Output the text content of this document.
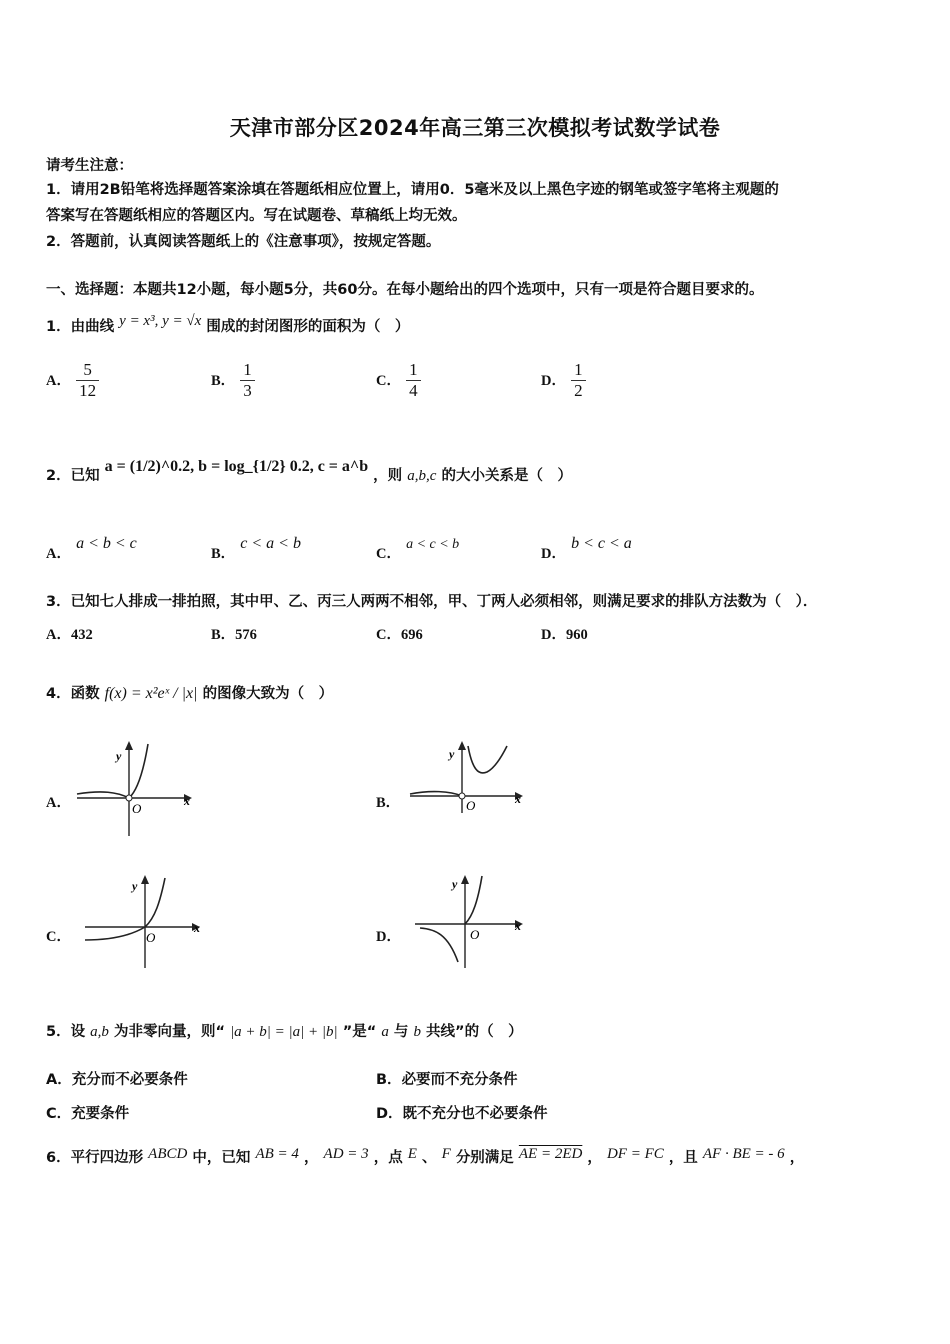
天津市部分区2024年高三第三次模拟考试数学试卷
请考生注意：
1．请用2B铅笔将选择题答案涂填在答题纸相应位置上，请用0．5毫米及以上黑色字迹的钢笔或签字笔将主观题的
答案写在答题纸相应的答题区内。写在试题卷、草稿纸上均无效。
2．答题前，认真阅读答题纸上的《注意事项》，按规定答题。
一、选择题：本题共12小题，每小题5分，共60分。在每小题给出的四个选项中，只有一项是符合题目要求的。
1．由曲线 y = x³, y = √x 围成的封闭图形的面积为（　）
A． $\frac{5}{12}$	B． $\frac{1}{3}$	C． $\frac{1}{4}$	D． $\frac{1}{2}$
2．已知 a = (1/2)^0.2, b = log_{1/2} 0.2, c = a^b ，则 a,b,c 的大小关系是（　）
A． a < b < c
B． c < a < b
C． a < c < b
D． b < c < a
3．已知七人排成一排拍照，其中甲、乙、丙三人两两不相邻，甲、丁两人必须相邻，则满足要求的排队方法数为（　）．
A．432	B．576	C．696	D．960
4．函数 f(x) = x²eˣ / |x| 的图像大致为（　）
A．
y
O	x	B．
y
O	x
C．
y
O
x
D．
y
O
x
5．设 a,b 为非零向量，则“ |a + b| = |a| + |b| ”是“ a 与 b 共线”的（　）
A．充分而不必要条件	B．必要而不充分条件
C．充要条件	D．既不充分也不必要条件
6．平行四边形 ABCD 中，已知 AB = 4 ， AD = 3 ，点 E 、 F 分别满足 AE = 2ED ， DF = FC ，且 AF · BE = - 6 ，
